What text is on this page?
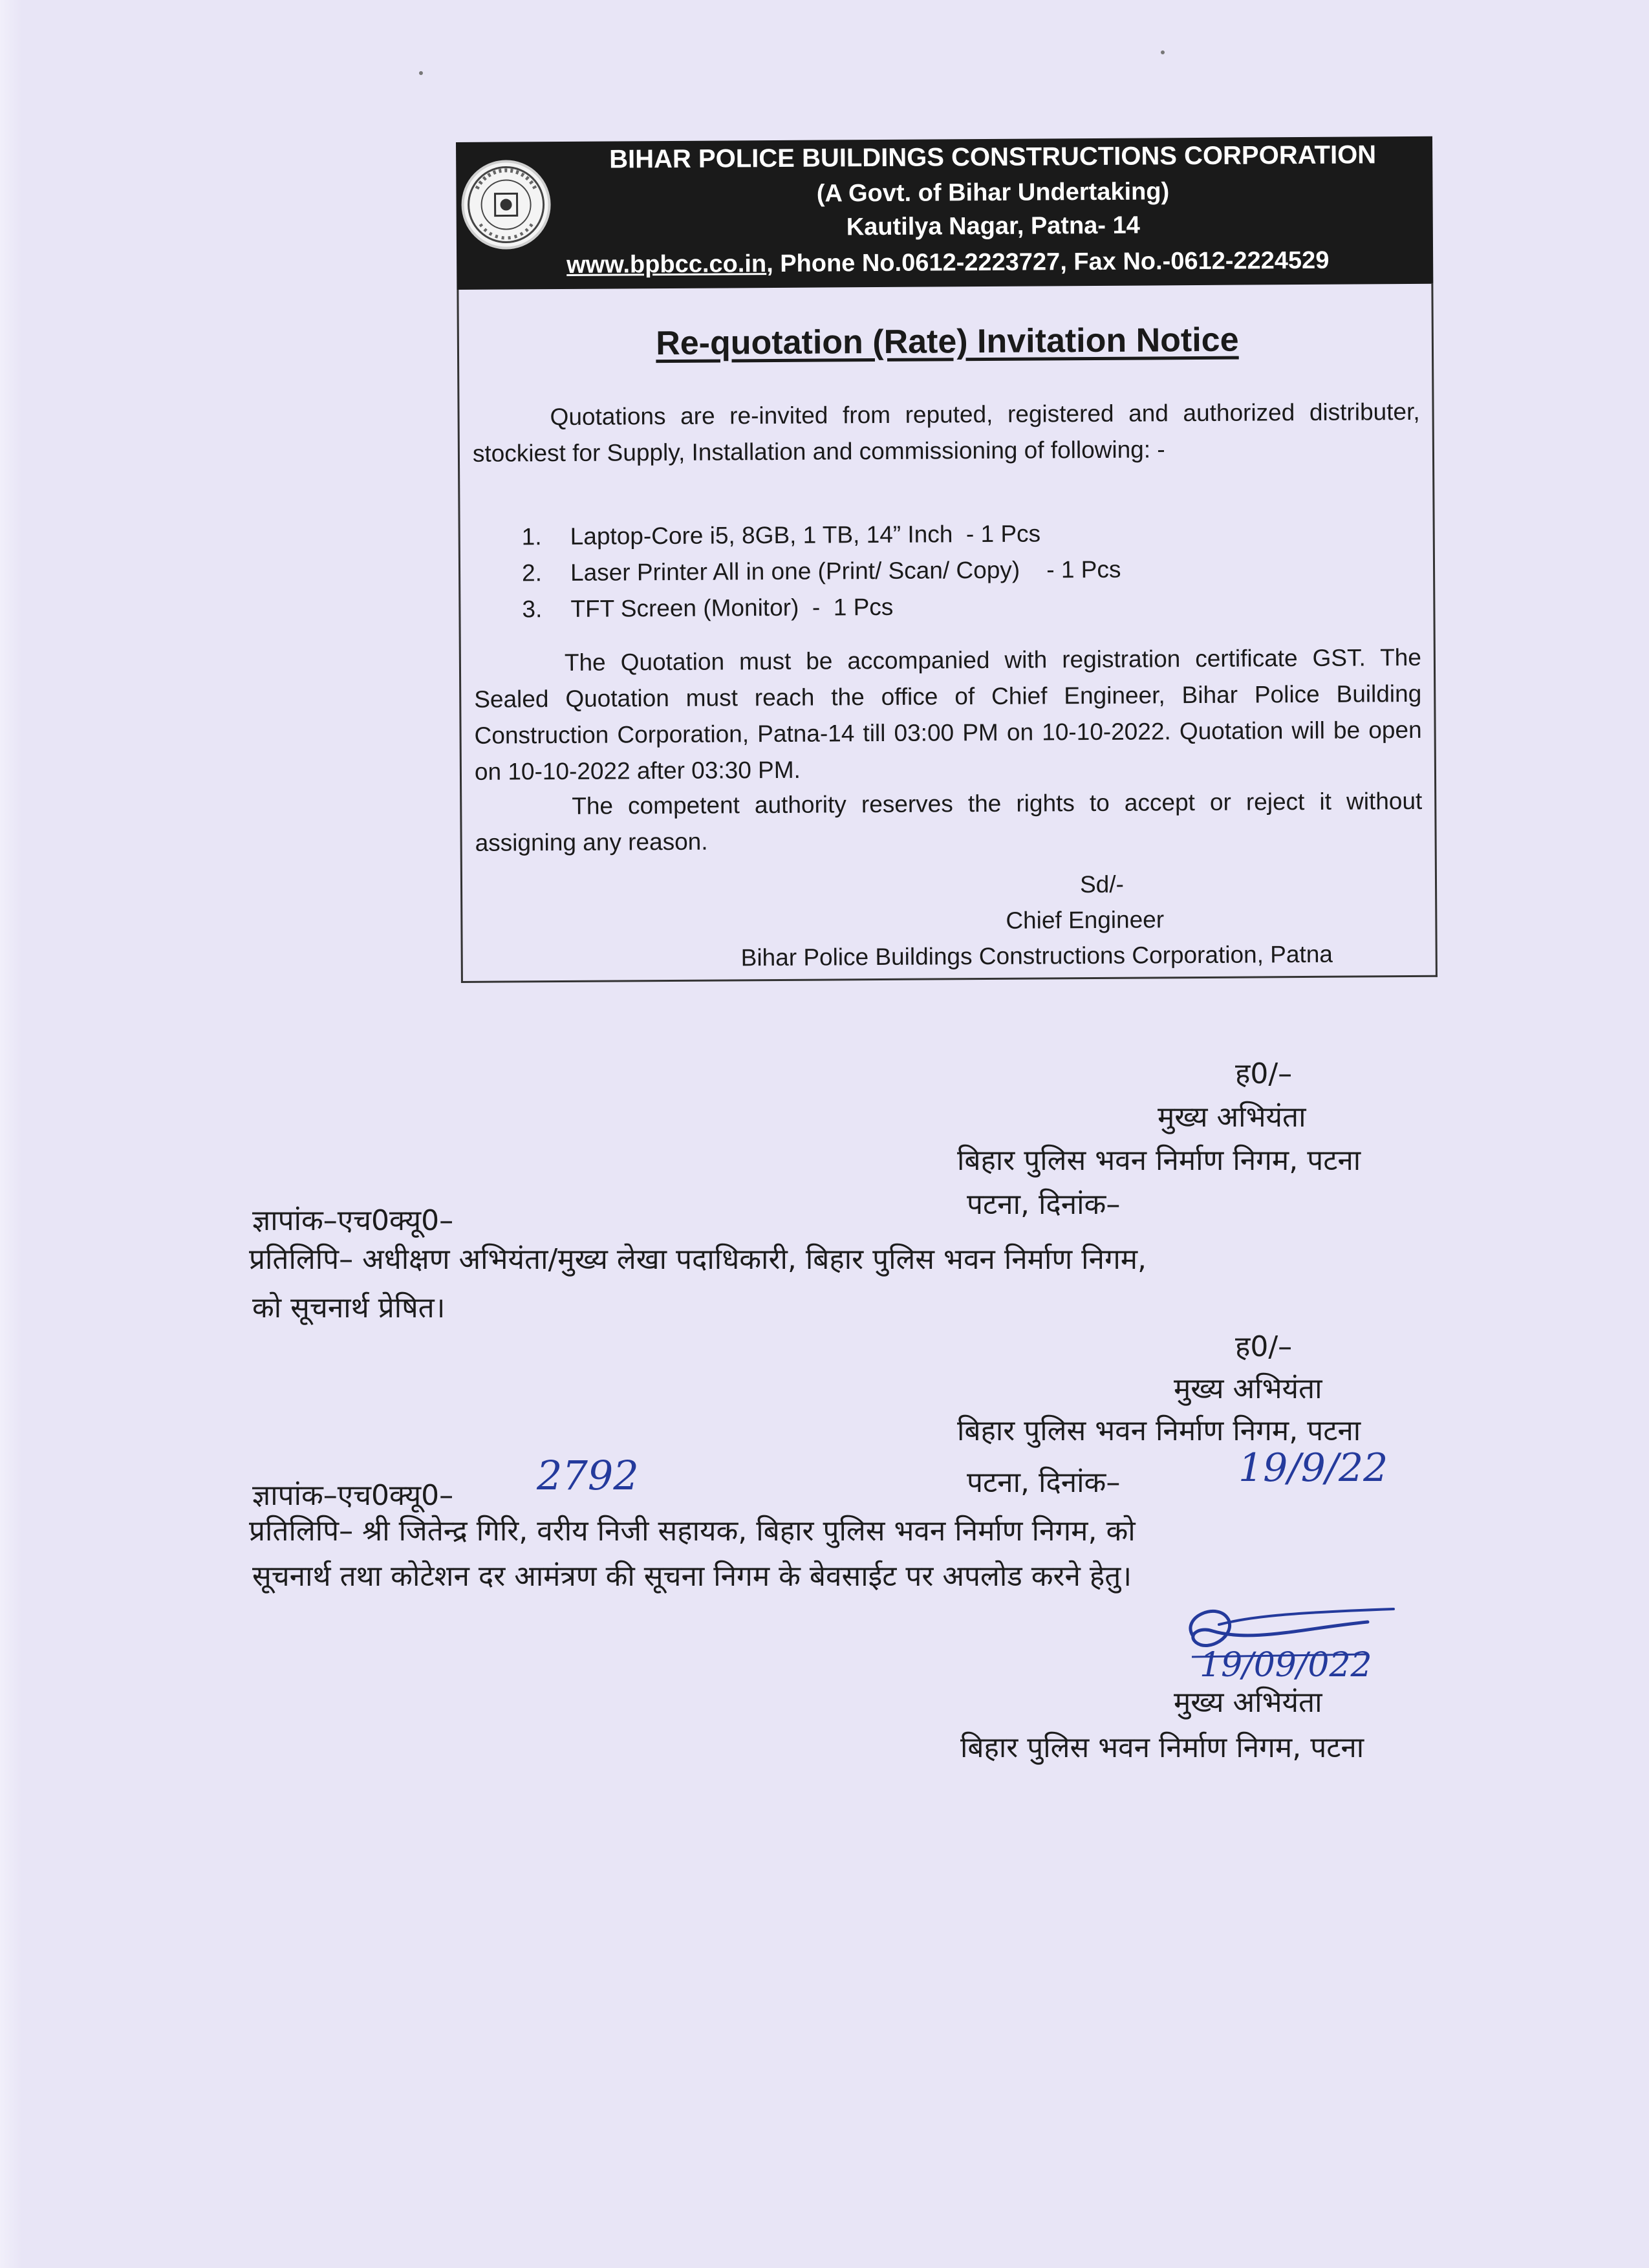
BIHAR POLICE BUILDINGS CONSTRUCTIONS CORPORATION
(A Govt. of Bihar Undertaking)
Kautilya Nagar, Patna- 14
www.bpbcc.co.in, Phone No.0612-2223727, Fax No.-0612-2224529
Re-quotation (Rate) Invitation Notice
Quotations are re-invited from reputed, registered and authorized distributer, stockiest for Supply, Installation and commissioning of following: -
1.	Laptop-Core i5, 8GB, 1 TB, 14” Inch  - 1 Pcs
2.	Laser Printer All in one (Print/ Scan/ Copy)    - 1 Pcs
3.	TFT Screen (Monitor)  -  1 Pcs
The Quotation must be accompanied with registration certificate GST. The Sealed Quotation must reach the office of Chief Engineer, Bihar Police Building Construction Corporation, Patna-14 till 03:00 PM on 10-10-2022. Quotation will be open on 10-10-2022 after 03:30 PM.
The competent authority reserves the rights to accept or reject it without assigning any reason.
Sd/-
Chief Engineer
Bihar Police Buildings Constructions Corporation, Patna
ह0/–
मुख्य अभियंता
बिहार पुलिस भवन निर्माण निगम, पटना
ज्ञापांक–एच0क्यू0–	पटना, दिनांक–
प्रतिलिपि– अधीक्षण अभियंता/मुख्य लेखा पदाधिकारी, बिहार पुलिस भवन निर्माण निगम,
को सूचनार्थ प्रेषित।
ह0/–
मुख्य अभियंता
बिहार पुलिस भवन निर्माण निगम, पटना
ज्ञापांक–एच0क्यू0– 2792	पटना, दिनांक–	19/9/22
प्रतिलिपि– श्री जितेन्द्र गिरि, वरीय निजी सहायक, बिहार पुलिस भवन निर्माण निगम, को
सूचनार्थ तथा कोटेशन दर आमंत्रण की सूचना निगम के बेवसाईट पर अपलोड करने हेतु।
19/09/022
मुख्य अभियंता
बिहार पुलिस भवन निर्माण निगम, पटना
